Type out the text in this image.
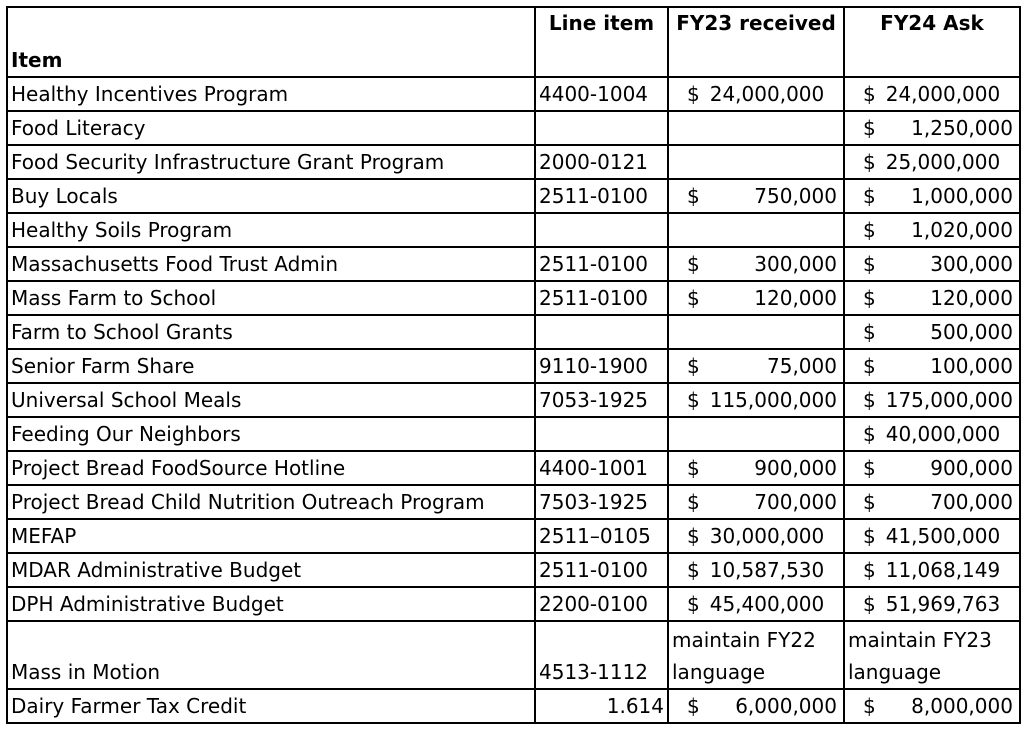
Item	Line item	FY23 received	FY24 Ask
Healthy Incentives Program	4400-1004	$ 24,000,000	$ 24,000,000

Food Literacy			$ 1,250,000

Food Security Infrastructure Grant Program	2000-0121		$ 25,000,000

Buy Locals	2511-0100	$ 750,000	$ 1,000,000

Healthy Soils Program			$ 1,020,000

Massachusetts Food Trust Admin	2511-0100	$ 300,000	$ 300,000

Mass Farm to School	2511-0100	$ 120,000	$ 120,000

Farm to School Grants			$ 500,000

Senior Farm Share	9110-1900	$ 75,000	$ 100,000

Universal School Meals	7053-1925	$ 115,000,000	$ 175,000,000

Feeding Our Neighbors			$ 40,000,000

Project Bread FoodSource Hotline	4400-1001	$ 900,000	$ 900,000

Project Bread Child Nutrition Outreach Program	7503-1925	$ 700,000	$ 700,000

MEFAP	2511–0105	$ 30,000,000	$ 41,500,000

MDAR Administrative Budget	2511-0100	$ 10,587,530	$ 11,068,149

DPH Administrative Budget	2200-0100	$ 45,400,000	$ 51,969,763

Mass in Motion	4513-1112	maintain FY22 language	maintain FY23 language
Dairy Farmer Tax Credit	1.614	$ 6,000,000	$ 8,000,000
